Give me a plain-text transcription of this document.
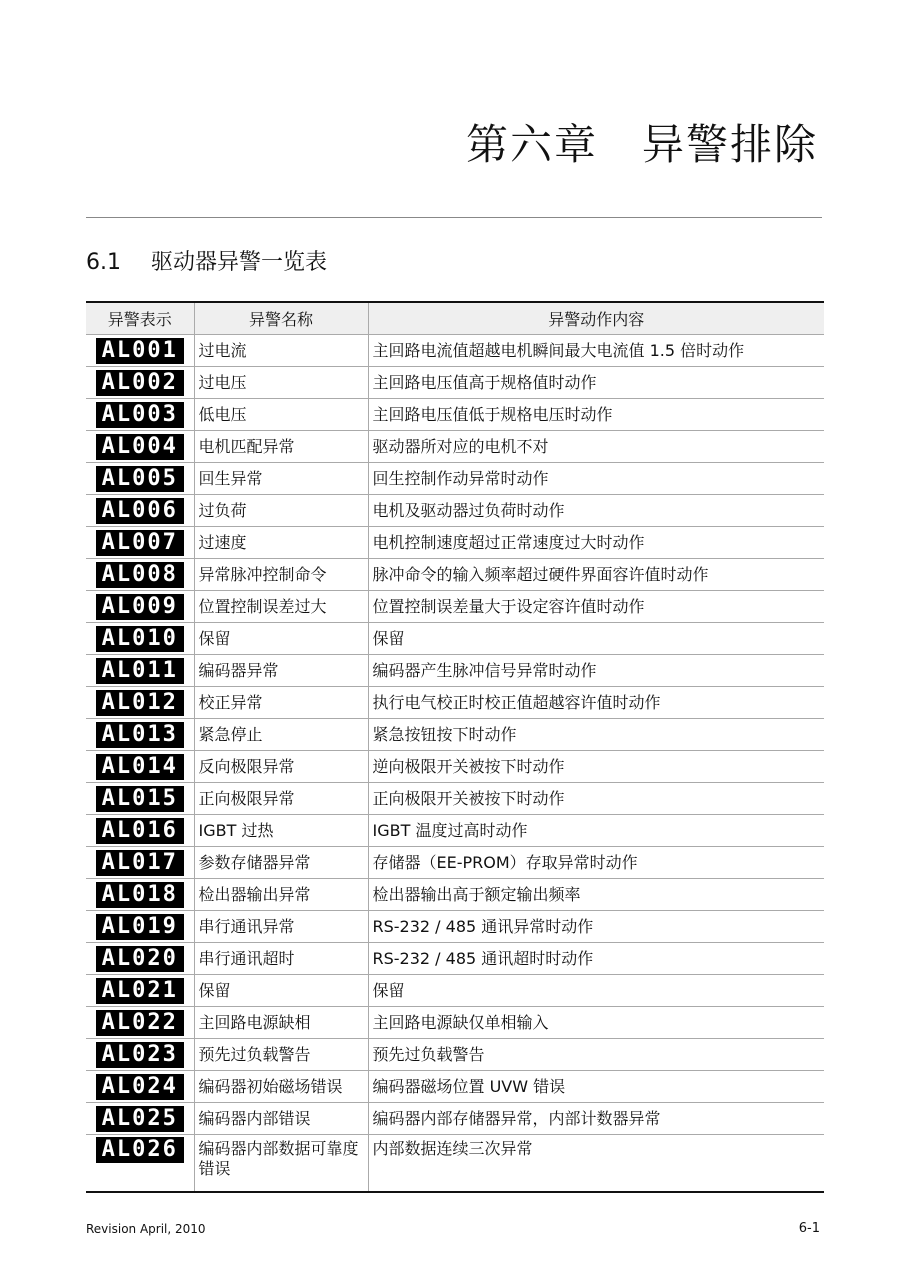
第六章　异警排除
6.1 驱动器异警一览表
异警表示	异警名称	异警动作内容
AL001	过电流	主回路电流值超越电机瞬间最大电流值 1.5 倍时动作
AL002	过电压	主回路电压值高于规格值时动作
AL003	低电压	主回路电压值低于规格电压时动作
AL004	电机匹配异常	驱动器所对应的电机不对
AL005	回生异常	回生控制作动异常时动作
AL006	过负荷	电机及驱动器过负荷时动作
AL007	过速度	电机控制速度超过正常速度过大时动作
AL008	异常脉冲控制命令	脉冲命令的输入频率超过硬件界面容许值时动作
AL009	位置控制误差过大	位置控制误差量大于设定容许值时动作
AL010	保留	保留
AL011	编码器异常	编码器产生脉冲信号异常时动作
AL012	校正异常	执行电气校正时校正值超越容许值时动作
AL013	紧急停止	紧急按钮按下时动作
AL014	反向极限异常	逆向极限开关被按下时动作
AL015	正向极限异常	正向极限开关被按下时动作
AL016	IGBT 过热	IGBT 温度过高时动作
AL017	参数存储器异常	存储器（EE-PROM）存取异常时动作
AL018	检出器输出异常	检出器输出高于额定输出频率
AL019	串行通讯异常	RS-232 / 485 通讯异常时动作
AL020	串行通讯超时	RS-232 / 485 通讯超时时动作
AL021	保留	保留
AL022	主回路电源缺相	主回路电源缺仅单相输入
AL023	预先过负载警告	预先过负载警告
AL024	编码器初始磁场错误	编码器磁场位置 UVW 错误
AL025	编码器内部错误	编码器内部存储器异常，内部计数器异常
AL026	编码器内部数据可靠度错误	内部数据连续三次异常
Revision April, 2010	6-1
